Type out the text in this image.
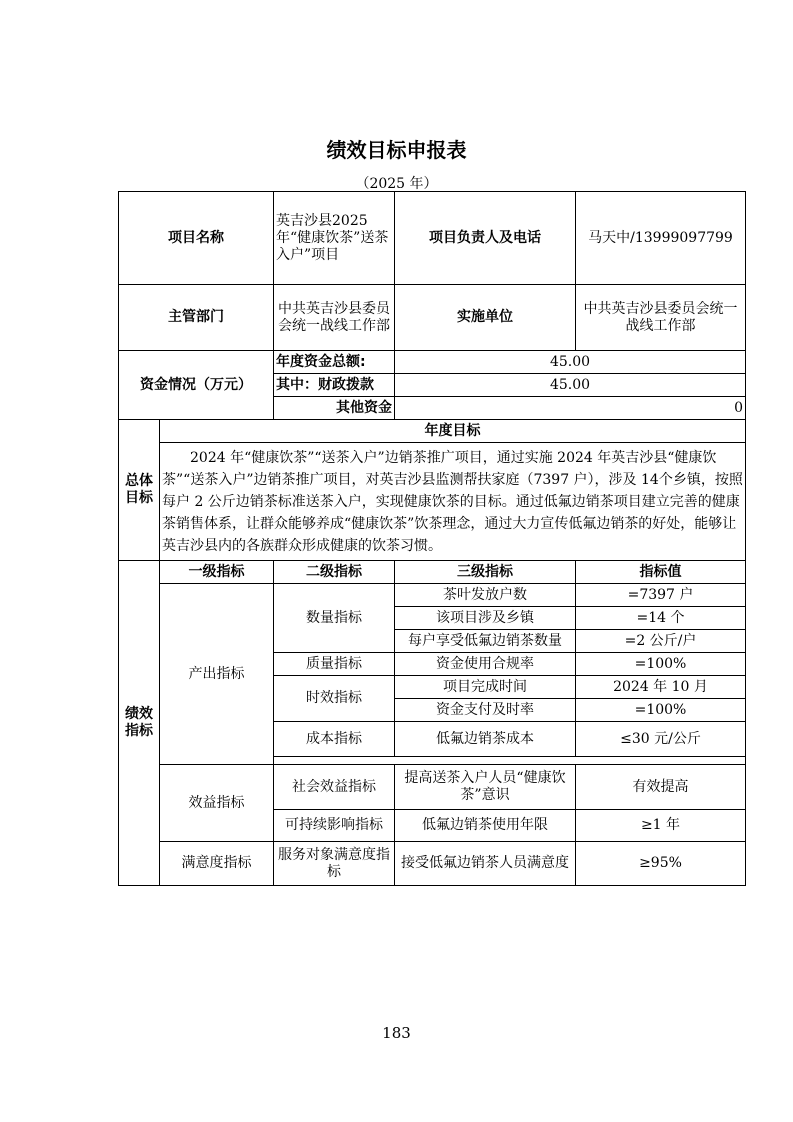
绩效目标申报表
（2025 年）
项目名称		英吉沙县2025年“健康饮茶”送茶入户”项目	项目负责人及电话	马天中/13999097799
主管部门		中共英吉沙县委员会统一战线工作部	实施单位	中共英吉沙县委员会统一战线工作部
资金情况（万元）		年度资金总额:	45.00	
		其中：财政拨款	45.00	
		其他资金	0	
总体目标	年度目标			
	2024 年“健康饮茶”“送茶入户”边销茶推广项目，通过实施 2024 年英吉沙县“健康饮茶”“送茶入户”边销茶推广项目，对英吉沙县监测帮扶家庭（7397 户），涉及 14个乡镇，按照每户 2 公斤边销茶标准送茶入户，实现健康饮茶的目标。通过低氟边销茶项目建立完善的健康茶销售体系，让群众能够养成“健康饮茶”饮茶理念，通过大力宣传低氟边销茶的好处，能够让英吉沙县内的各族群众形成健康的饮茶习惯。			
绩效指标	一级指标	二级指标	三级指标	指标值
	产出指标	数量指标	茶叶发放户数	=7397 户
			该项目涉及乡镇	=14 个
			每户享受低氟边销茶数量	=2 公斤/户
		质量指标	资金使用合规率	=100%
		时效指标	项目完成时间	2024 年 10 月
			资金支付及时率	=100%
		成本指标	低氟边销茶成本	≤30 元/公斤

	效益指标	社会效益指标	提高送茶入户人员“健康饮茶”意识	有效提高
		可持续影响指标	低氟边销茶使用年限	≥1 年
	满意度指标	服务对象满意度指标	接受低氟边销茶人员满意度	≥95%
183
